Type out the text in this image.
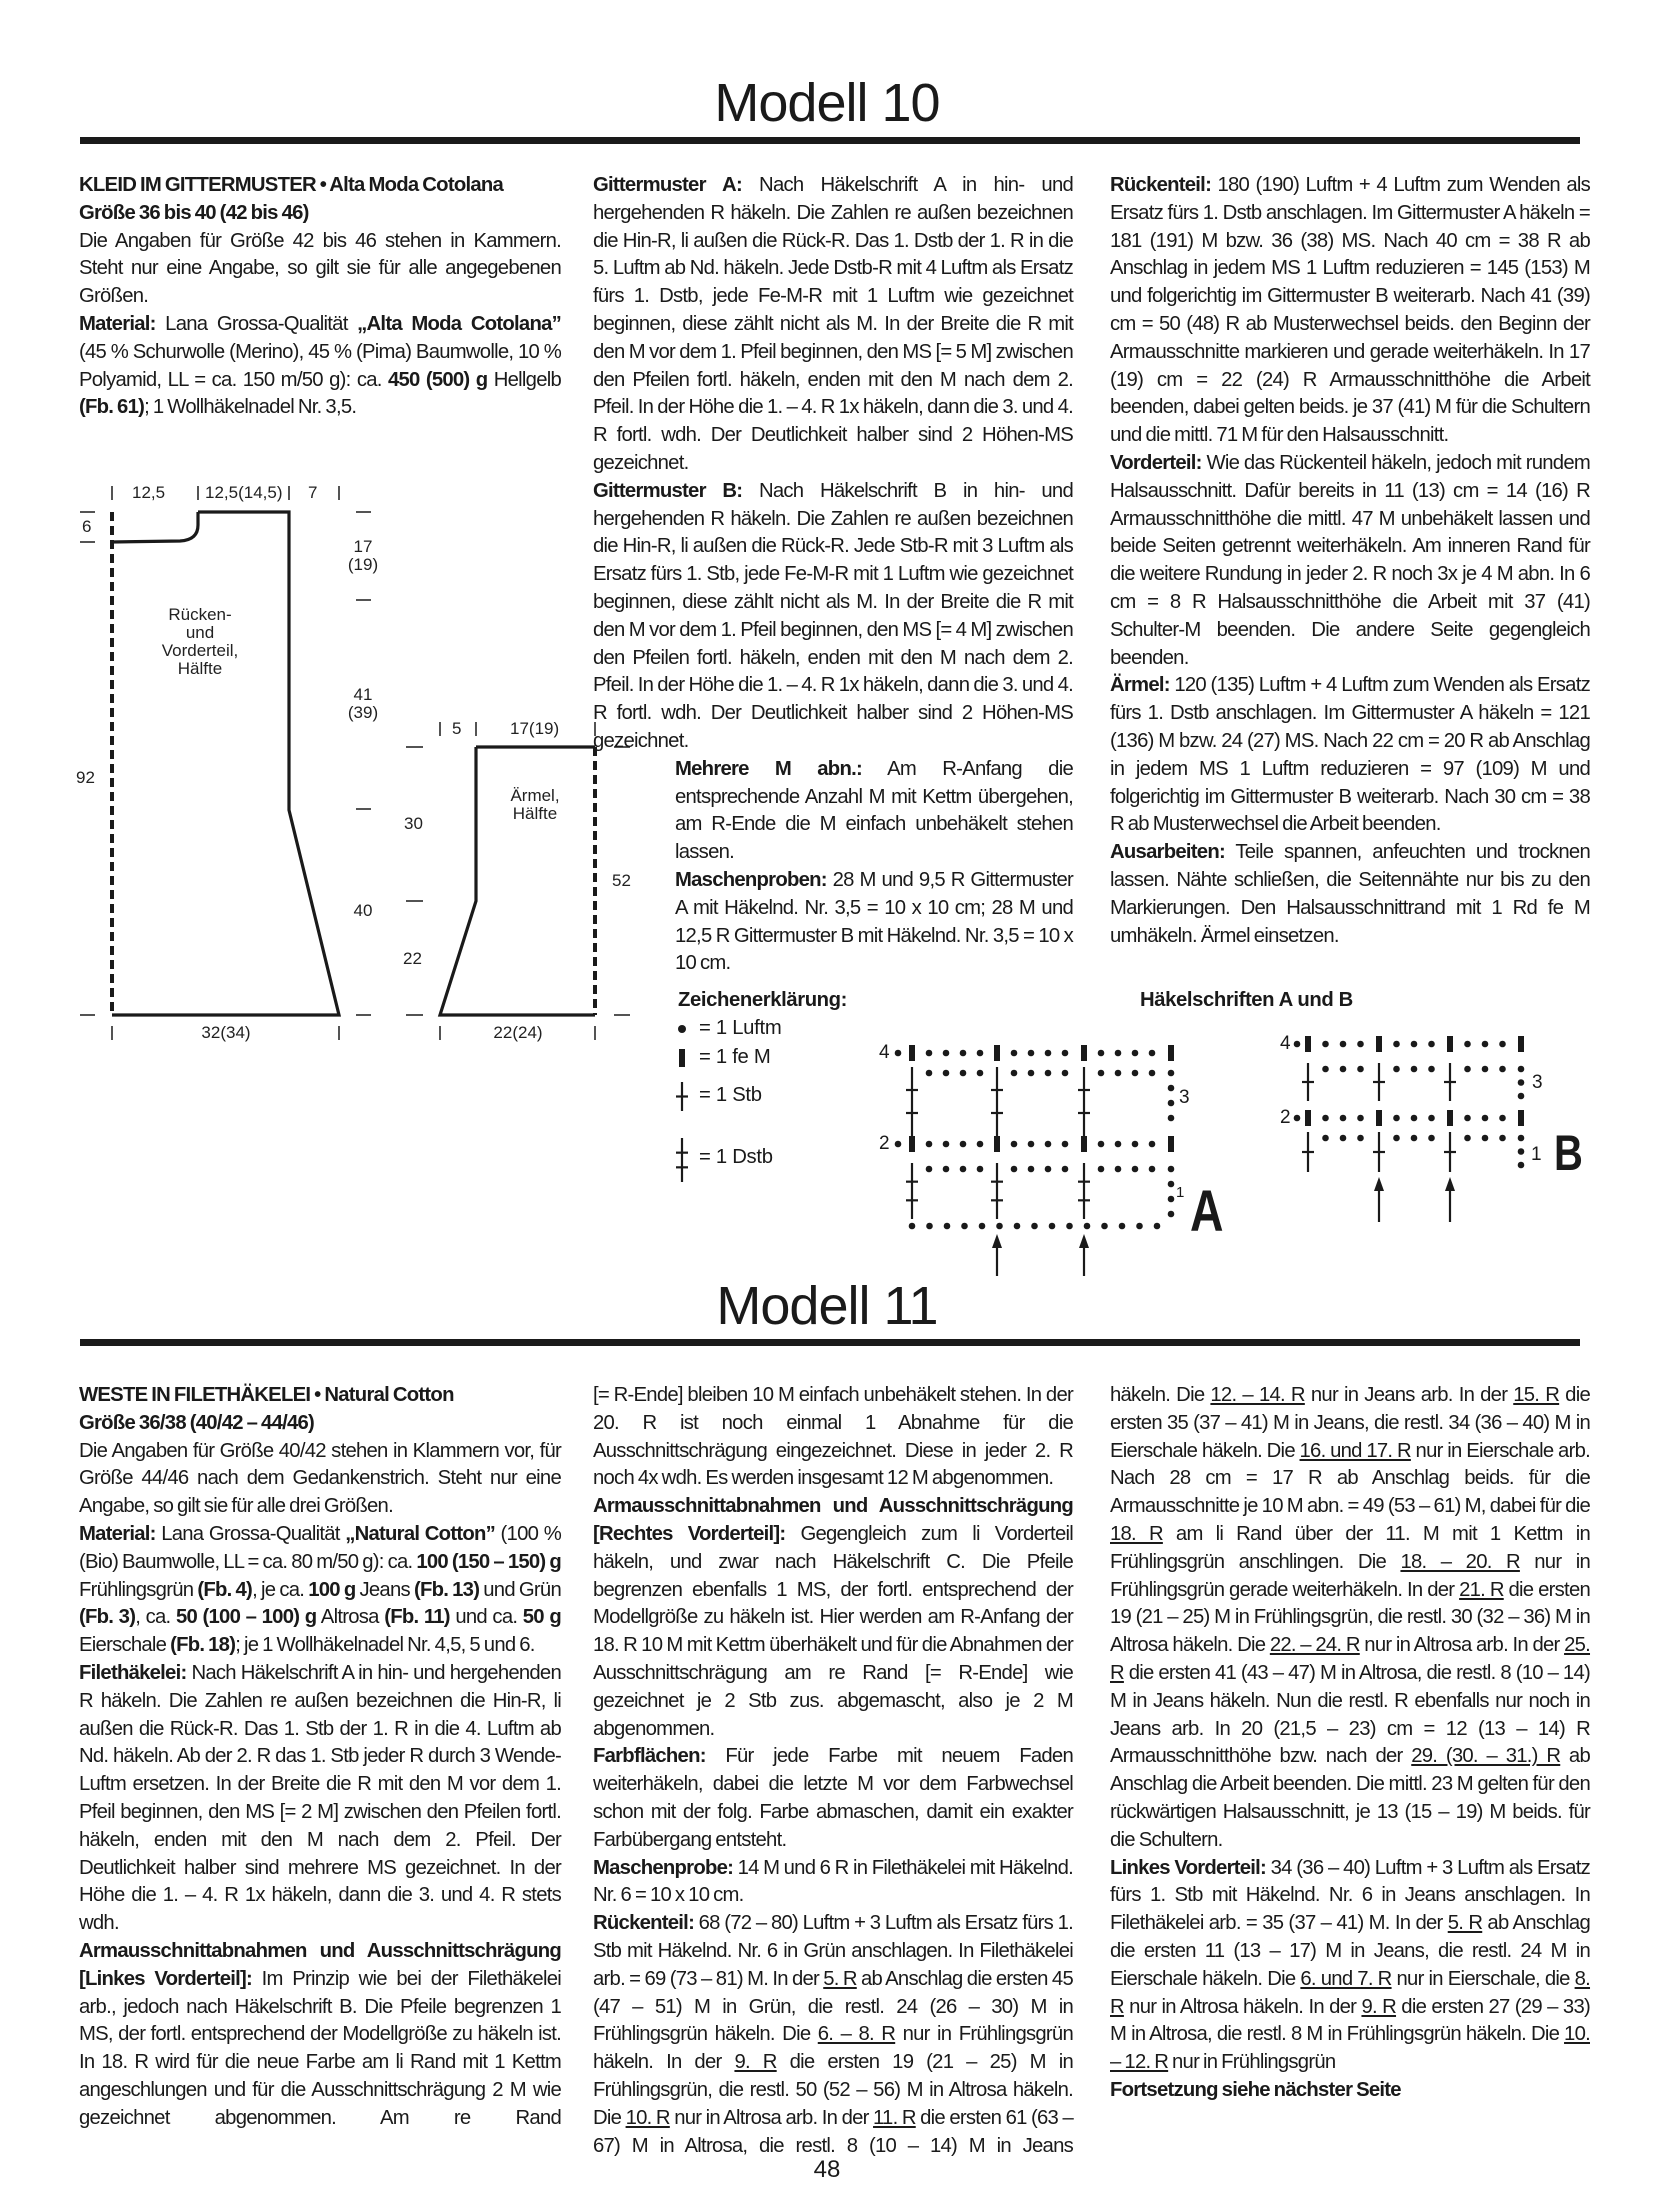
Modell 10

KLEID IM GITTERMUSTER • Alta Moda Cotolana

Größe 36 bis 40 (42 bis 46)

Die Angaben für Größe 42 bis 46 stehen in Kammern. Steht nur eine Angabe, so gilt sie für alle angegebenen Größen.

Material: Lana Grossa-Qualität „Alta Moda Cotolana” (45 % Schurwolle (Merino), 45 % (Pima) Baumwolle, 10 % Polyamid, LL = ca. 150 m/50 g): ca. 450 (500) g Hellgelb (Fb. 61); 1 Wollhäkelnadel Nr. 3,5.

Gittermuster A: Nach Häkelschrift A in hin- und hergehenden R häkeln. Die Zahlen re außen bezeichnen die Hin-R, li außen die Rück-R. Das 1. Dstb der 1. R in die 5. Luftm ab Nd. häkeln. Jede Dstb-R mit 4 Luftm als Ersatz fürs 1. Dstb, jede Fe-M-R mit 1 Luftm wie gezeichnet beginnen, diese zählt nicht als M. In der Breite die R mit den M vor dem 1. Pfeil beginnen, den MS [= 5 M] zwischen den Pfeilen fortl. häkeln, enden mit den M nach dem 2. Pfeil. In der Höhe die 1. – 4. R 1x häkeln, dann die 3. und 4. R fortl. wdh. Der Deutlichkeit halber sind 2 Höhen-MS gezeichnet.

Gittermuster B: Nach Häkelschrift B in hin- und hergehenden R häkeln. Die Zahlen re außen bezeichnen die Hin-R, li außen die Rück-R. Jede Stb-R mit 3 Luftm als Ersatz fürs 1. Stb, jede Fe-M-R mit 1 Luftm wie gezeichnet beginnen, diese zählt nicht als M. In der Breite die R mit den M vor dem 1. Pfeil beginnen, den MS [= 4 M] zwischen den Pfeilen fortl. häkeln, enden mit den M nach dem 2. Pfeil. In der Höhe die 1. – 4. R 1x häkeln, dann die 3. und 4. R fortl. wdh. Der Deutlichkeit halber sind 2 Höhen-MS gezeichnet.

Mehrere M abn.: Am R-Anfang die entsprechende Anzahl M mit Kettm übergehen, am R-Ende die M einfach unbehäkelt stehen lassen.

Maschenproben: 28 M und 9,5 R Gittermuster A mit Häkelnd. Nr. 3,5 = 10 x 10 cm; 28 M und 12,5 R Gittermuster B mit Häkelnd. Nr. 3,5 = 10 x 10 cm.

Rückenteil: 180 (190) Luftm + 4 Luftm zum Wenden als Ersatz fürs 1. Dstb anschlagen. Im Gittermuster A häkeln = 181 (191) M bzw. 36 (38) MS. Nach 40 cm = 38 R ab Anschlag in jedem MS 1 Luftm reduzieren = 145 (153) M und folgerichtig im Gittermuster B weiterarb. Nach 41 (39) cm = 50 (48) R ab Musterwechsel beids. den Beginn der Armausschnitte markieren und gerade weiterhäkeln. In 17 (19) cm = 22 (24) R Armausschnitthöhe die Arbeit beenden, dabei gelten beids. je 37 (41) M für die Schultern und die mittl. 71 M für den Halsausschnitt.

Vorderteil: Wie das Rückenteil häkeln, jedoch mit rundem Halsausschnitt. Dafür bereits in 11 (13) cm = 14 (16) R Armausschnitthöhe die mittl. 47 M unbehäkelt lassen und beide Seiten getrennt weiterhäkeln. Am inneren Rand für die weitere Rundung in jeder 2. R noch 3x je 4 M abn. In 6 cm = 8 R Halsausschnitthöhe die Arbeit mit 37 (41) Schulter-M beenden. Die andere Seite gegengleich beenden.

Ärmel: 120 (135) Luftm + 4 Luftm zum Wenden als Ersatz fürs 1. Dstb anschlagen. Im Gittermuster A häkeln = 121 (136) M bzw. 24 (27) MS. Nach 22 cm = 20 R ab Anschlag in jedem MS 1 Luftm reduzieren = 97 (109) M und folgerichtig im Gittermuster B weiterarb. Nach 30 cm = 38 R ab Musterwechsel die Arbeit beenden.

Ausarbeiten: Teile spannen, anfeuchten und trocknen lassen. Nähte schließen, die Seitennähte nur bis zu den Markierungen. Den Halsausschnittrand mit 1 Rd fe M umhäkeln. Ärmel einsetzen.

12,5 12,5(14,5) 7
6
17
(19)
41
(39)
40
92
Rücken-
und
Vorderteil,
Hälfte
32(34)
5	17(19)
30
22
52
Ärmel,
Hälfte
22(24)
Zeichenerklärung:
= 1 Luftm
= 1 fe M
= 1 Stb
= 1 Dstb
Häkelschriften A und B
4
3
2
1 A
4
3
2
1 B
Modell 11

WESTE IN FILETHÄKELEI • Natural Cotton

Größe 36/38 (40/42 – 44/46)

Die Angaben für Größe 40/42 stehen in Klammern vor, für Größe 44/46 nach dem Gedankenstrich. Steht nur eine Angabe, so gilt sie für alle drei Größen.

Material: Lana Grossa-Qualität „Natural Cotton” (100 % (Bio) Baumwolle, LL = ca. 80 m/50 g): ca. 100 (150 – 150) g Frühlingsgrün (Fb. 4), je ca. 100 g Jeans (Fb. 13) und Grün (Fb. 3), ca. 50 (100 – 100) g Altrosa (Fb. 11) und ca. 50 g Eierschale (Fb. 18); je 1 Wollhäkelnadel Nr. 4,5, 5 und 6.

Filethäkelei: Nach Häkelschrift A in hin- und hergehenden R häkeln. Die Zahlen re außen bezeichnen die Hin-R, li außen die Rück-R. Das 1. Stb der 1. R in die 4. Luftm ab Nd. häkeln. Ab der 2. R das 1. Stb jeder R durch 3 Wende-Luftm ersetzen. In der Breite die R mit den M vor dem 1. Pfeil beginnen, den MS [= 2 M] zwischen den Pfeilen fortl. häkeln, enden mit den M nach dem 2. Pfeil. Der Deutlichkeit halber sind mehrere MS gezeichnet. In der Höhe die 1. – 4. R 1x häkeln, dann die 3. und 4. R stets wdh.

Armausschnittabnahmen und Ausschnittschrägung [Linkes Vorderteil]: Im Prinzip wie bei der Filethäkelei arb., jedoch nach Häkelschrift B. Die Pfeile begrenzen 1 MS, der fortl. entsprechend der Modellgröße zu häkeln ist. In 18. R wird für die neue Farbe am li Rand mit 1 Kettm angeschlungen und für die Ausschnittschrägung 2 M wie gezeichnet abgenommen. Am re Rand

[= R-Ende] bleiben 10 M einfach unbehäkelt stehen. In der 20. R ist noch einmal 1 Abnahme für die Ausschnittschrägung eingezeichnet. Diese in jeder 2. R noch 4x wdh. Es werden insgesamt 12 M abgenommen.

Armausschnittabnahmen und Ausschnittschrägung [Rechtes Vorderteil]: Gegengleich zum li Vorderteil häkeln, und zwar nach Häkelschrift C. Die Pfeile begrenzen ebenfalls 1 MS, der fortl. entsprechend der Modellgröße zu häkeln ist. Hier werden am R-Anfang der 18. R 10 M mit Kettm überhäkelt und für die Abnahmen der Ausschnittschrägung am re Rand [= R-Ende] wie gezeichnet je 2 Stb zus. abgemascht, also je 2 M abgenommen.

Farbflächen: Für jede Farbe mit neuem Faden weiterhäkeln, dabei die letzte M vor dem Farbwechsel schon mit der folg. Farbe abmaschen, damit ein exakter Farbübergang entsteht.

Maschenprobe: 14 M und 6 R in Filethäkelei mit Häkelnd. Nr. 6 = 10 x 10 cm.

Rückenteil: 68 (72 – 80) Luftm + 3 Luftm als Ersatz fürs 1. Stb mit Häkelnd. Nr. 6 in Grün anschlagen. In Filethäkelei arb. = 69 (73 – 81) M. In der 5. R ab Anschlag die ersten 45 (47 – 51) M in Grün, die restl. 24 (26 – 30) M in Frühlingsgrün häkeln. Die 6. – 8. R nur in Frühlingsgrün häkeln. In der 9. R die ersten 19 (21 – 25) M in Frühlingsgrün, die restl. 50 (52 – 56) M in Altrosa häkeln. Die 10. R nur in Altrosa arb. In der 11. R die ersten 61 (63 – 67) M in Altrosa, die restl. 8 (10 – 14) M in Jeans

häkeln. Die 12. – 14. R nur in Jeans arb. In der 15. R die ersten 35 (37 – 41) M in Jeans, die restl. 34 (36 – 40) M in Eierschale häkeln. Die 16. und 17. R nur in Eierschale arb. Nach 28 cm = 17 R ab Anschlag beids. für die Armausschnitte je 10 M abn. = 49 (53 – 61) M, dabei für die 18. R am li Rand über der 11. M mit 1 Kettm in Frühlingsgrün anschlingen. Die 18. – 20. R nur in Frühlingsgrün gerade weiterhäkeln. In der 21. R die ersten 19 (21 – 25) M in Frühlingsgrün, die restl. 30 (32 – 36) M in Altrosa häkeln. Die 22. – 24. R nur in Altrosa arb. In der 25. R die ersten 41 (43 – 47) M in Altrosa, die restl. 8 (10 – 14) M in Jeans häkeln. Nun die restl. R ebenfalls nur noch in Jeans arb. In 20 (21,5 – 23) cm = 12 (13 – 14) R Armausschnitthöhe bzw. nach der 29. (30. – 31.) R ab Anschlag die Arbeit beenden. Die mittl. 23 M gelten für den rückwärtigen Halsausschnitt, je 13 (15 – 19) M beids. für die Schultern.

Linkes Vorderteil: 34 (36 – 40) Luftm + 3 Luftm als Ersatz fürs 1. Stb mit Häkelnd. Nr. 6 in Jeans anschlagen. In Filethäkelei arb. = 35 (37 – 41) M. In der 5. R ab Anschlag die ersten 11 (13 – 17) M in Jeans, die restl. 24 M in Eierschale häkeln. Die 6. und 7. R nur in Eierschale, die 8. R nur in Altrosa häkeln. In der 9. R die ersten 27 (29 – 33) M in Altrosa, die restl. 8 M in Frühlingsgrün häkeln. Die 10. – 12. R nur in Frühlingsgrün

Fortsetzung siehe nächster Seite

48
